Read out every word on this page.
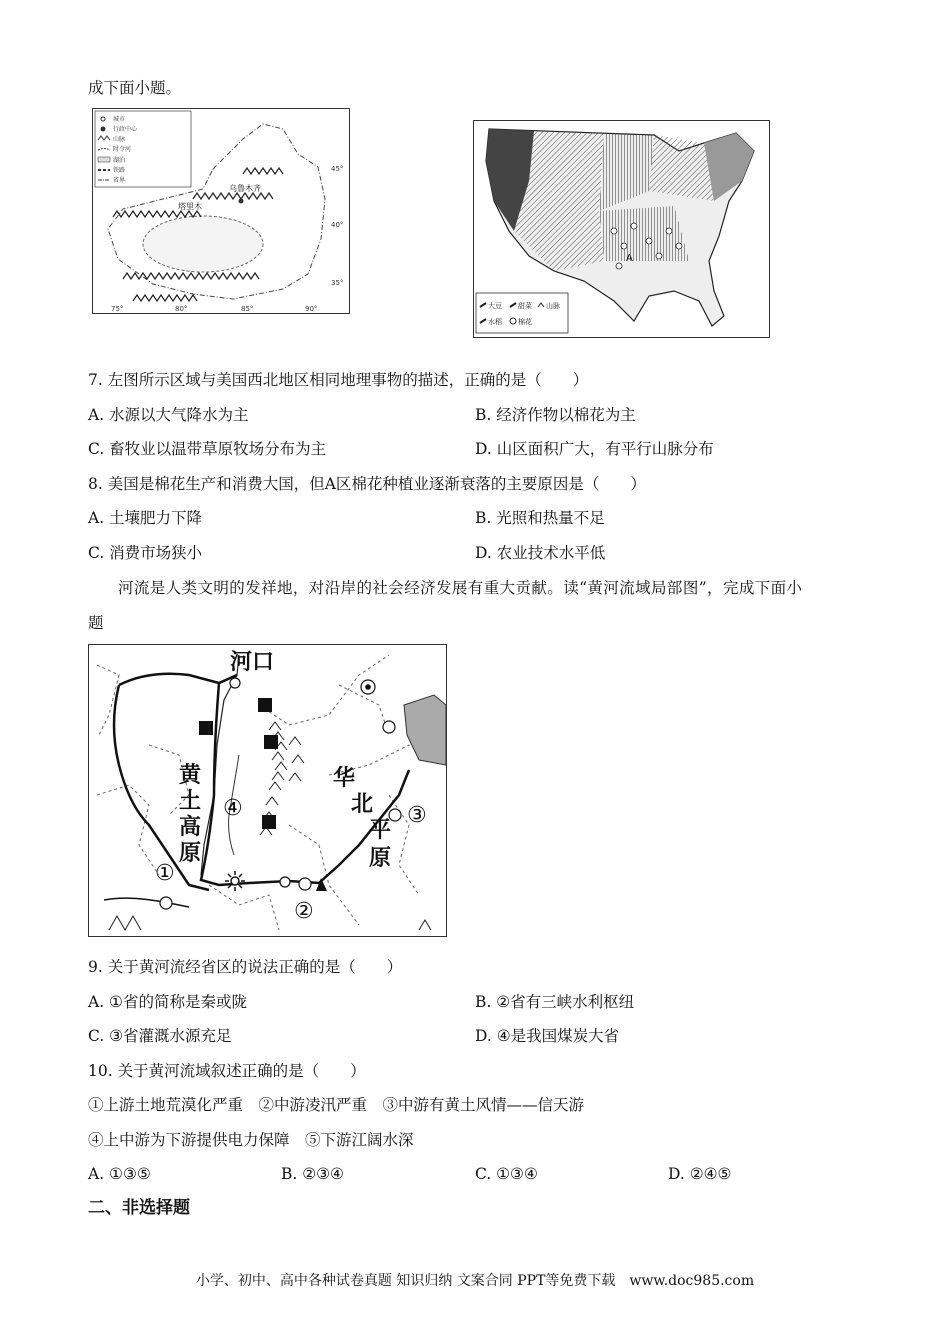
成下面小题。
城市
行政中心
山脉
时令河
湖泊
铁路
省界
乌鲁木齐
塔里木
45°
40°
35°
75°	80°	85°	90°
A
大豆 甜菜 山脉
水稻 棉花
7. 左图所示区域与美国西北地区相同地理事物的描述，正确的是（　　）
A. 水源以大气降水为主	B. 经济作物以棉花为主
C. 畜牧业以温带草原牧场分布为主	D. 山区面积广大，有平行山脉分布
8. 美国是棉花生产和消费大国，但A区棉花种植业逐渐衰落的主要原因是（　　）
A. 土壤肥力下降	B. 光照和热量不足
C. 消费市场狭小	D. 农业技术水平低
河流是人类文明的发祥地，对沿岸的社会经济发展有重大贡献。读“黄河流域局部图”，完成下面小
题
河口
黄
土
高
原
华
北
平
原
①
②
③
④
9. 关于黄河流经省区的说法正确的是（　　）
A. ①省的简称是秦或陇	B. ②省有三峡水利枢纽
C. ③省灌溉水源充足	D. ④是我国煤炭大省
10. 关于黄河流域叙述正确的是（　　）
①上游土地荒漠化严重　②中游凌汛严重　③中游有黄土风情——信天游
④上中游为下游提供电力保障　⑤下游江阔水深
A. ①③⑤	B. ②③④	C. ①③④	D. ②④⑤
二、非选择题
小学、初中、高中各种试卷真题 知识归纳 文案合同 PPT等免费下载　www.doc985.com
